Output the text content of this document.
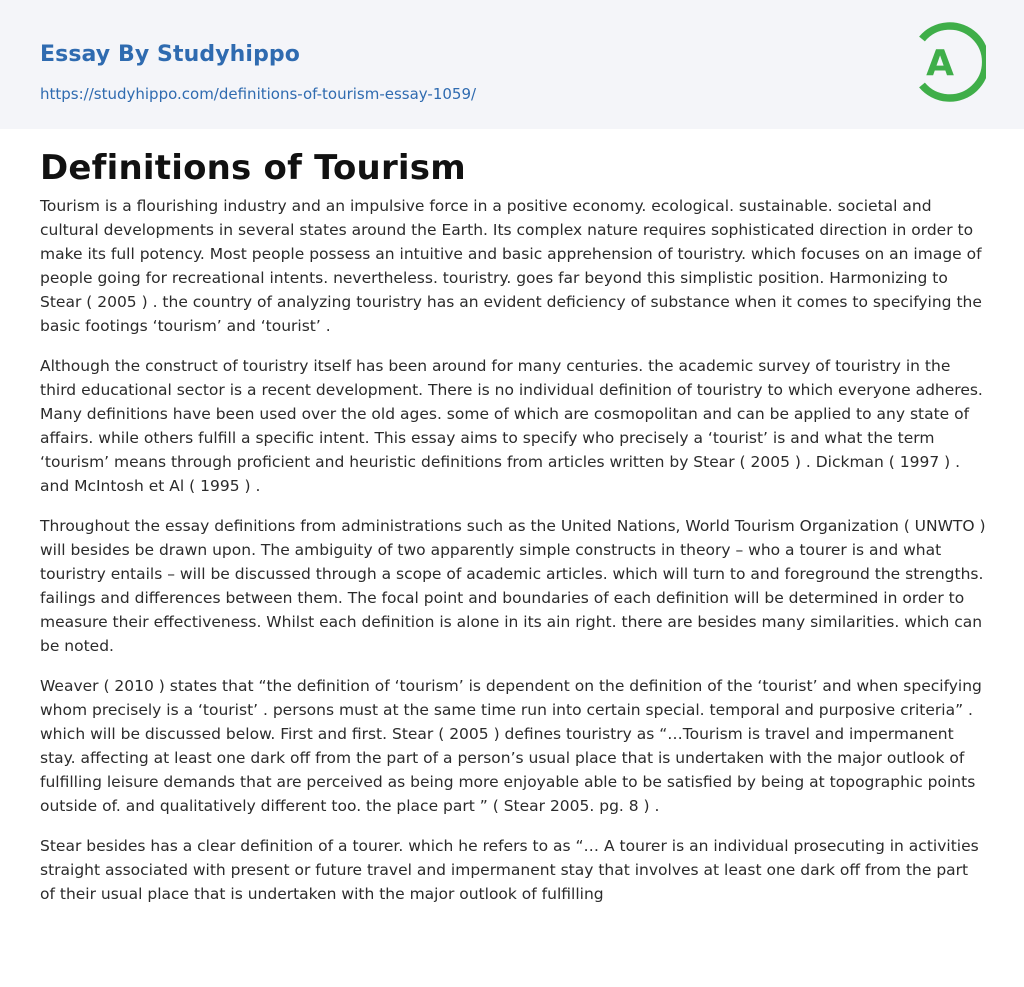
Essay By Studyhippo
https://studyhippo.com/definitions-of-tourism-essay-1059/
A
Definitions of Tourism

Tourism is a flourishing industry and an impulsive force in a positive economy. ecological. sustainable. societal and cultural developments in several states around the Earth. Its complex nature requires sophisticated direction in order to make its full potency. Most people possess an intuitive and basic apprehension of touristry. which focuses on an image of people going for recreational intents. nevertheless. touristry. goes far beyond this simplistic position. Harmonizing to Stear ( 2005 ) . the country of analyzing touristry has an evident deficiency of substance when it comes to specifying the basic footings ‘tourism’ and ‘tourist’ .

Although the construct of touristry itself has been around for many centuries. the academic survey of touristry in the third educational sector is a recent development. There is no individual definition of touristry to which everyone adheres. Many definitions have been used over the old ages. some of which are cosmopolitan and can be applied to any state of affairs. while others fulfill a specific intent. This essay aims to specify who precisely a ‘tourist’ is and what the term ‘tourism’ means through proficient and heuristic definitions from articles written by Stear ( 2005 ) . Dickman ( 1997 ) . and McIntosh et Al ( 1995 ) .

Throughout the essay definitions from administrations such as the United Nations, World Tourism Organization ( UNWTO ) will besides be drawn upon. The ambiguity of two apparently simple constructs in theory – who a tourer is and what touristry entails – will be discussed through a scope of academic articles. which will turn to and foreground the strengths. failings and differences between them. The focal point and boundaries of each definition will be determined in order to measure their effectiveness. Whilst each definition is alone in its ain right. there are besides many similarities. which can be noted.

Weaver ( 2010 ) states that “the definition of ‘tourism’ is dependent on the definition of the ‘tourist’ and when specifying whom precisely is a ‘tourist’ . persons must at the same time run into certain special. temporal and purposive criteria” . which will be discussed below. First and first. Stear ( 2005 ) defines touristry as “…Tourism is travel and impermanent stay. affecting at least one dark off from the part of a person’s usual place that is undertaken with the major outlook of fulfilling leisure demands that are perceived as being more enjoyable able to be satisfied by being at topographic points outside of. and qualitatively different too. the place part ” ( Stear 2005. pg. 8 ) .

Stear besides has a clear definition of a tourer. which he refers to as “… A tourer is an individual prosecuting in activities straight associated with present or future travel and impermanent stay that involves at least one dark off from the part of their usual place that is undertaken with the major outlook of fulfilling
